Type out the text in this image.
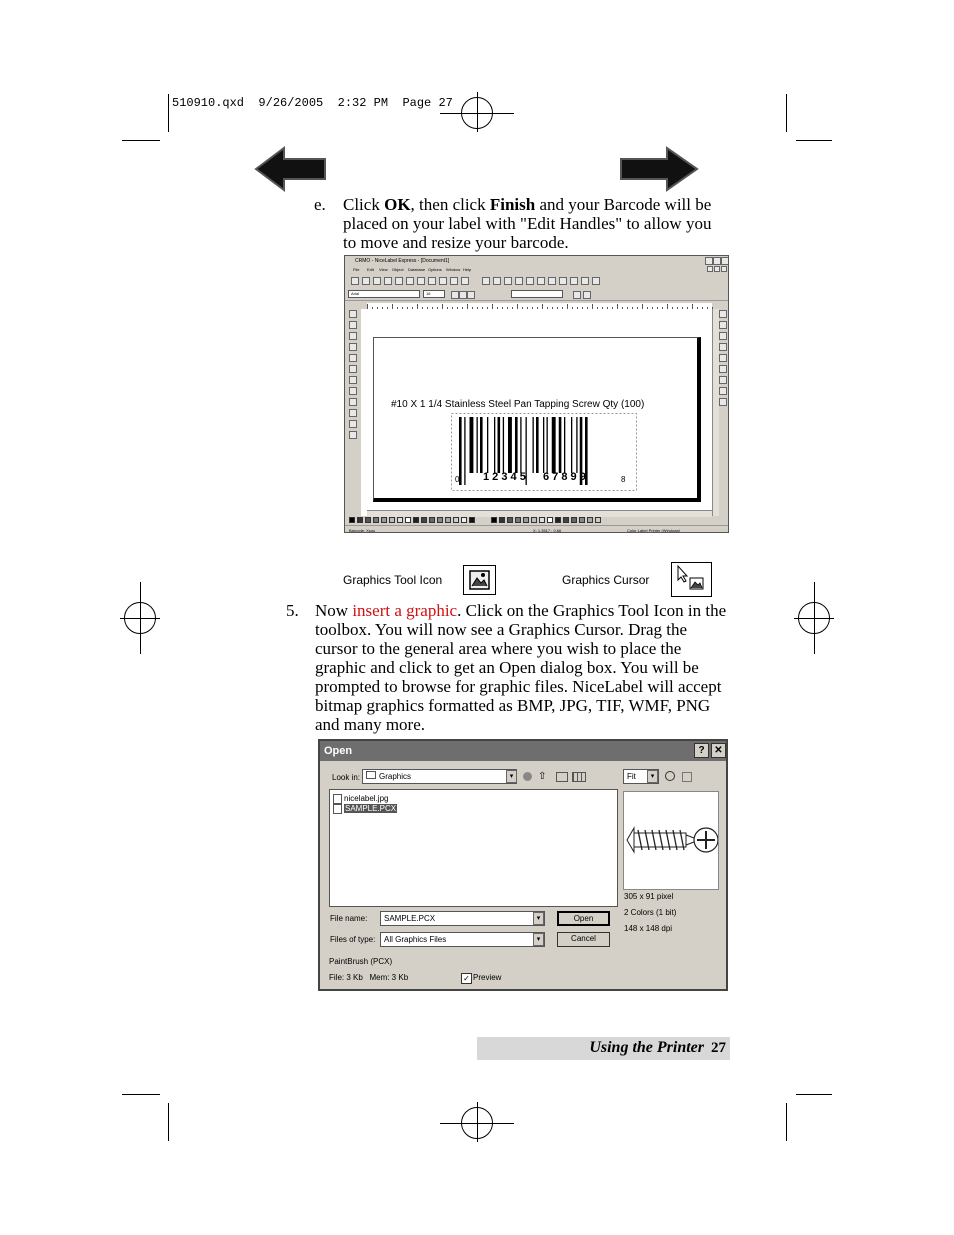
510910.qxd  9/26/2005  2:32 PM  Page 27
e. Click OK, then click Finish and your Barcode will be placed on your label with "Edit Handles" to allow you to move and resize your barcode.
CRMO - NiceLabel Express - [Document1]
File Edit View Object Database Options Window Help
Arial	16
#10 X 1 1/4 Stainless Steel Pan Tapping Screw Qty (100)
0 1 2 3 4 5 6 7 8 9 9	8
Barcode: Xsou	X: 1.3517 : 0.66	Color Label Printer (Windows)
Graphics Tool Icon	Graphics Cursor
5. Now insert a graphic. Click on the Graphics Tool Icon in the toolbox. You will now see a Graphics Cursor. Drag the cursor to the general area where you wish to place the graphic and click to get an Open dialog box. You will be prompted to browse for graphic files. NiceLabel will accept bitmap graphics formatted as BMP, JPG, TIF, WMF, PNG and many more.
Open	? ✕
Look in:	Graphics	▾	⇧
nicelabel.jpg
SAMPLE.PCX
Fit	▾
305 x 91 pixel
2 Colors (1 bit)
148 x 148 dpi
File name:	SAMPLE.PCX	▾
Files of type:	All Graphics Files	▾
Open
Cancel
PaintBrush (PCX)
File: 3 Kb   Mem: 3 Kb	✓ Preview
Using the Printer 27
